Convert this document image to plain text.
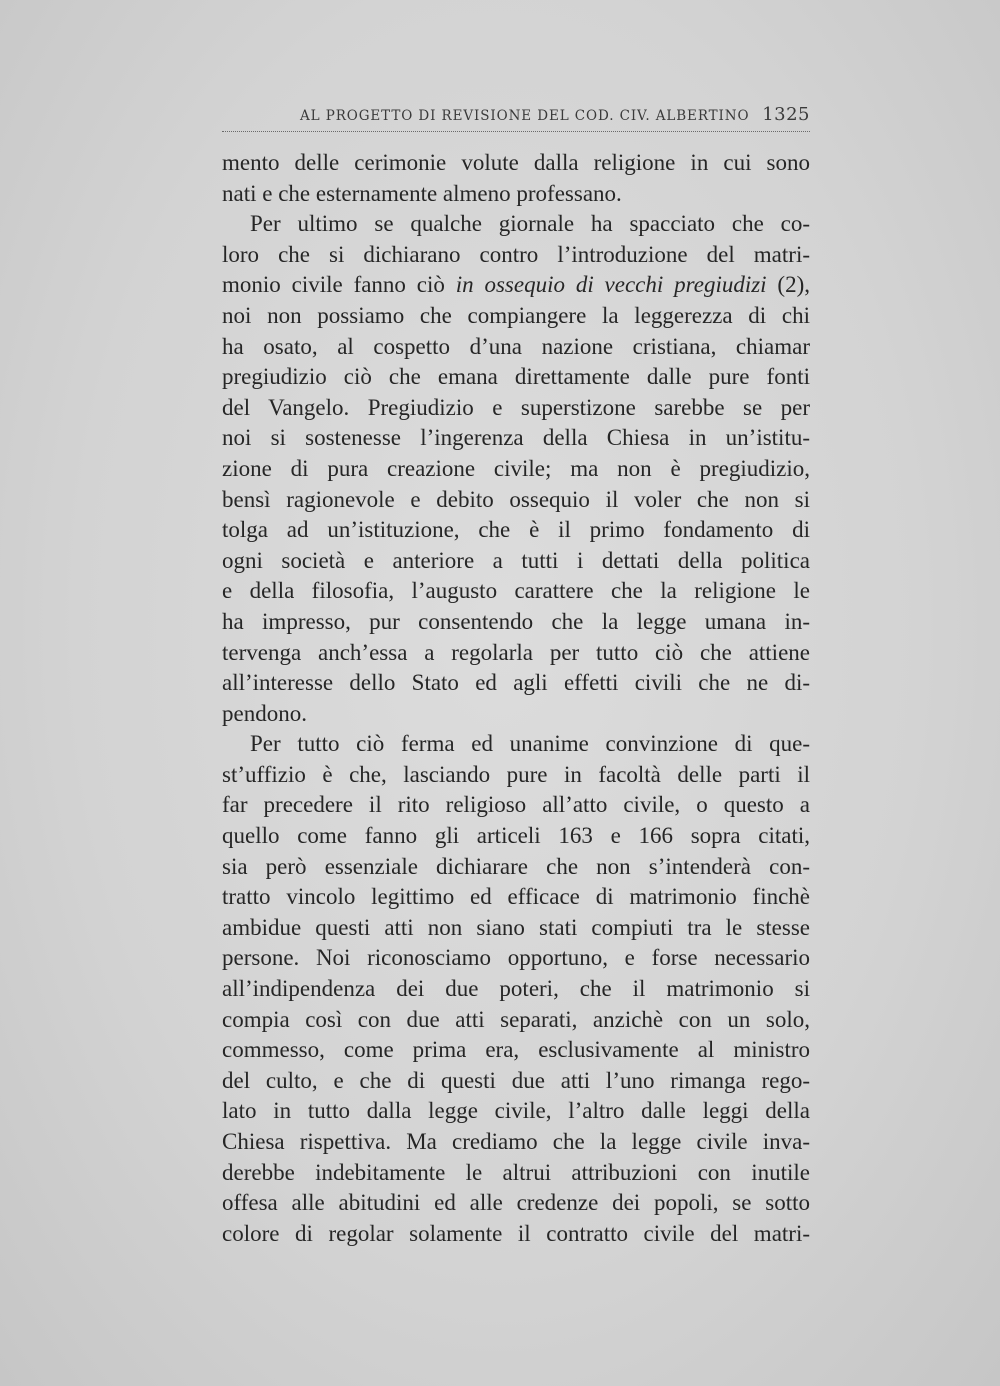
AL PROGETTO DI REVISIONE DEL COD. CIV. ALBERTINO 1325
mento delle cerimonie volute dalla religione in cui sono
nati e che esternamente almeno professano.
Per ultimo se qualche giornale ha spacciato che co-
loro che si dichiarano contro l’introduzione del matri-
monio civile fanno ciò in ossequio di vecchi pregiudizi (2),
noi non possiamo che compiangere la leggerezza di chi
ha osato, al cospetto d’una nazione cristiana, chiamar
pregiudizio ciò che emana direttamente dalle pure fonti
del Vangelo. Pregiudizio e superstizone sarebbe se per
noi si sostenesse l’ingerenza della Chiesa in un’istitu-
zione di pura creazione civile; ma non è pregiudizio,
bensì ragionevole e debito ossequio il voler che non si
tolga ad un’istituzione, che è il primo fondamento di
ogni società e anteriore a tutti i dettati della politica
e della filosofia, l’augusto carattere che la religione le
ha impresso, pur consentendo che la legge umana in-
tervenga anch’essa a regolarla per tutto ciò che attiene
all’interesse dello Stato ed agli effetti civili che ne di-
pendono.
Per tutto ciò ferma ed unanime convinzione di que-
st’uffizio è che, lasciando pure in facoltà delle parti il
far precedere il rito religioso all’atto civile, o questo a
quello come fanno gli articeli 163 e 166 sopra citati,
sia però essenziale dichiarare che non s’intenderà con-
tratto vincolo legittimo ed efficace di matrimonio finchè
ambidue questi atti non siano stati compiuti tra le stesse
persone. Noi riconosciamo opportuno, e forse necessario
all’indipendenza dei due poteri, che il matrimonio si
compia così con due atti separati, anzichè con un solo,
commesso, come prima era, esclusivamente al ministro
del culto, e che di questi due atti l’uno rimanga rego-
lato in tutto dalla legge civile, l’altro dalle leggi della
Chiesa rispettiva. Ma crediamo che la legge civile inva-
derebbe indebitamente le altrui attribuzioni con inutile
offesa alle abitudini ed alle credenze dei popoli, se sotto
colore di regolar solamente il contratto civile del matri-
